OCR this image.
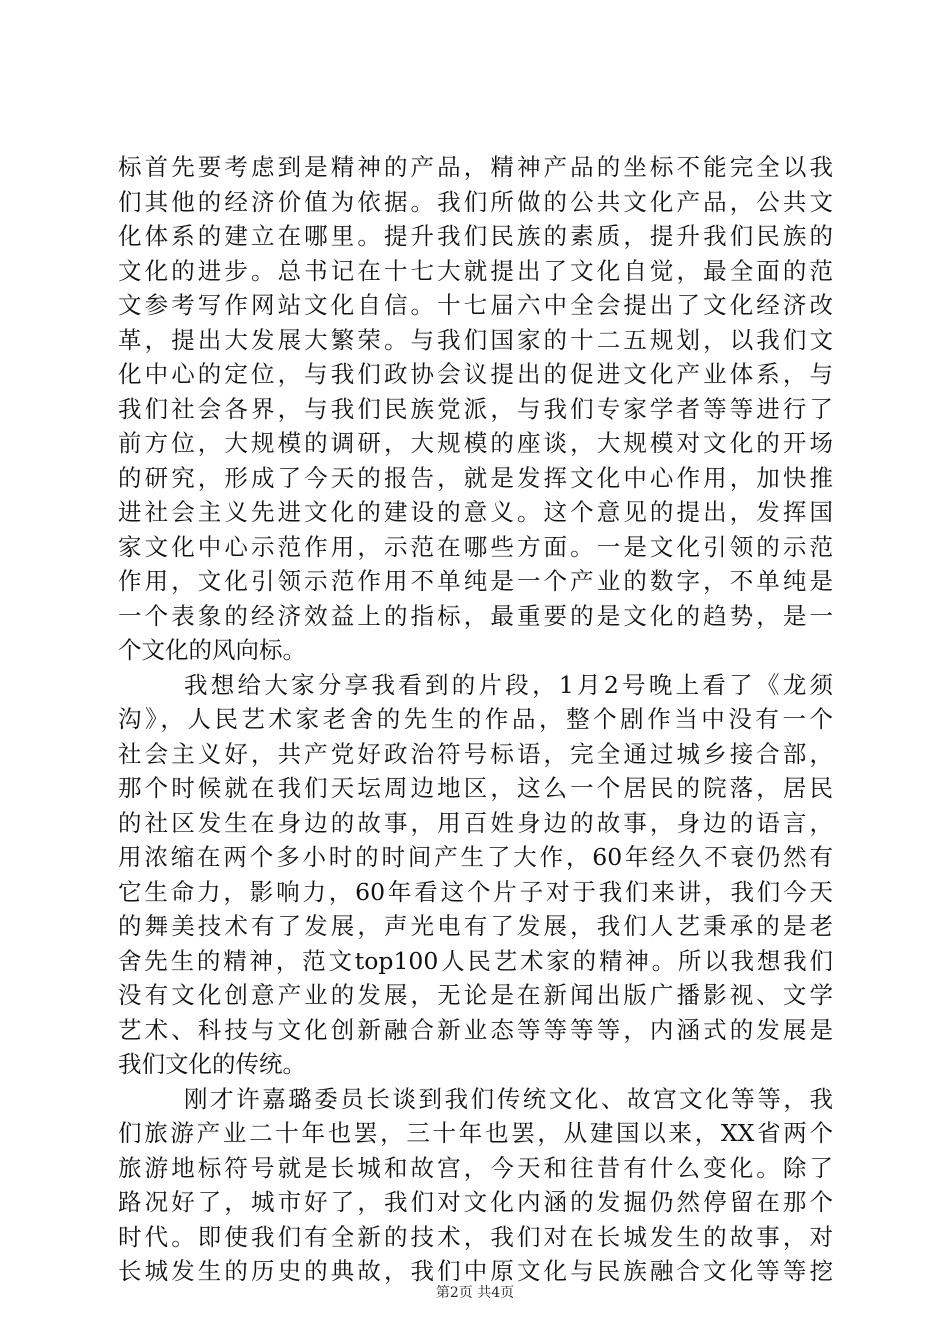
标首先要考虑到是精神的产品，精神产品的坐标不能完全以我
们其他的经济价值为依据。我们所做的公共文化产品，公共文
化体系的建立在哪里。提升我们民族的素质，提升我们民族的
文化的进步。总书记在十七大就提出了文化自觉，最全面的范
文参考写作网站文化自信。十七届六中全会提出了文化经济改
革，提出大发展大繁荣。与我们国家的十二五规划，以我们文
化中心的定位，与我们政协会议提出的促进文化产业体系，与
我们社会各界，与我们民族党派，与我们专家学者等等进行了
前方位，大规模的调研，大规模的座谈，大规模对文化的开场
的研究，形成了今天的报告，就是发挥文化中心作用，加快推
进社会主义先进文化的建设的意义。这个意见的提出，发挥国
家文化中心示范作用，示范在哪些方面。一是文化引领的示范
作用，文化引领示范作用不单纯是一个产业的数字，不单纯是
一个表象的经济效益上的指标，最重要的是文化的趋势，是一
个文化的风向标。
我想给大家分享我看到的片段，1月2号晚上看了《龙须
沟》，人民艺术家老舍的先生的作品，整个剧作当中没有一个
社会主义好，共产党好政治符号标语，完全通过城乡接合部，
那个时候就在我们天坛周边地区，这么一个居民的院落，居民
的社区发生在身边的故事，用百姓身边的故事，身边的语言，
用浓缩在两个多小时的时间产生了大作，60年经久不衰仍然有
它生命力，影响力，60年看这个片子对于我们来讲，我们今天
的舞美技术有了发展，声光电有了发展，我们人艺秉承的是老
舍先生的精神，范文top100人民艺术家的精神。所以我想我们
没有文化创意产业的发展，无论是在新闻出版广播影视、文学
艺术、科技与文化创新融合新业态等等等等，内涵式的发展是
我们文化的传统。
刚才许嘉璐委员长谈到我们传统文化、故宫文化等等，我
们旅游产业二十年也罢，三十年也罢，从建国以来，XX省两个
旅游地标符号就是长城和故宫，今天和往昔有什么变化。除了
路况好了，城市好了，我们对文化内涵的发掘仍然停留在那个
时代。即使我们有全新的技术，我们对在长城发生的故事，对
长城发生的历史的典故，我们中原文化与民族融合文化等等挖
第2页 共4页
